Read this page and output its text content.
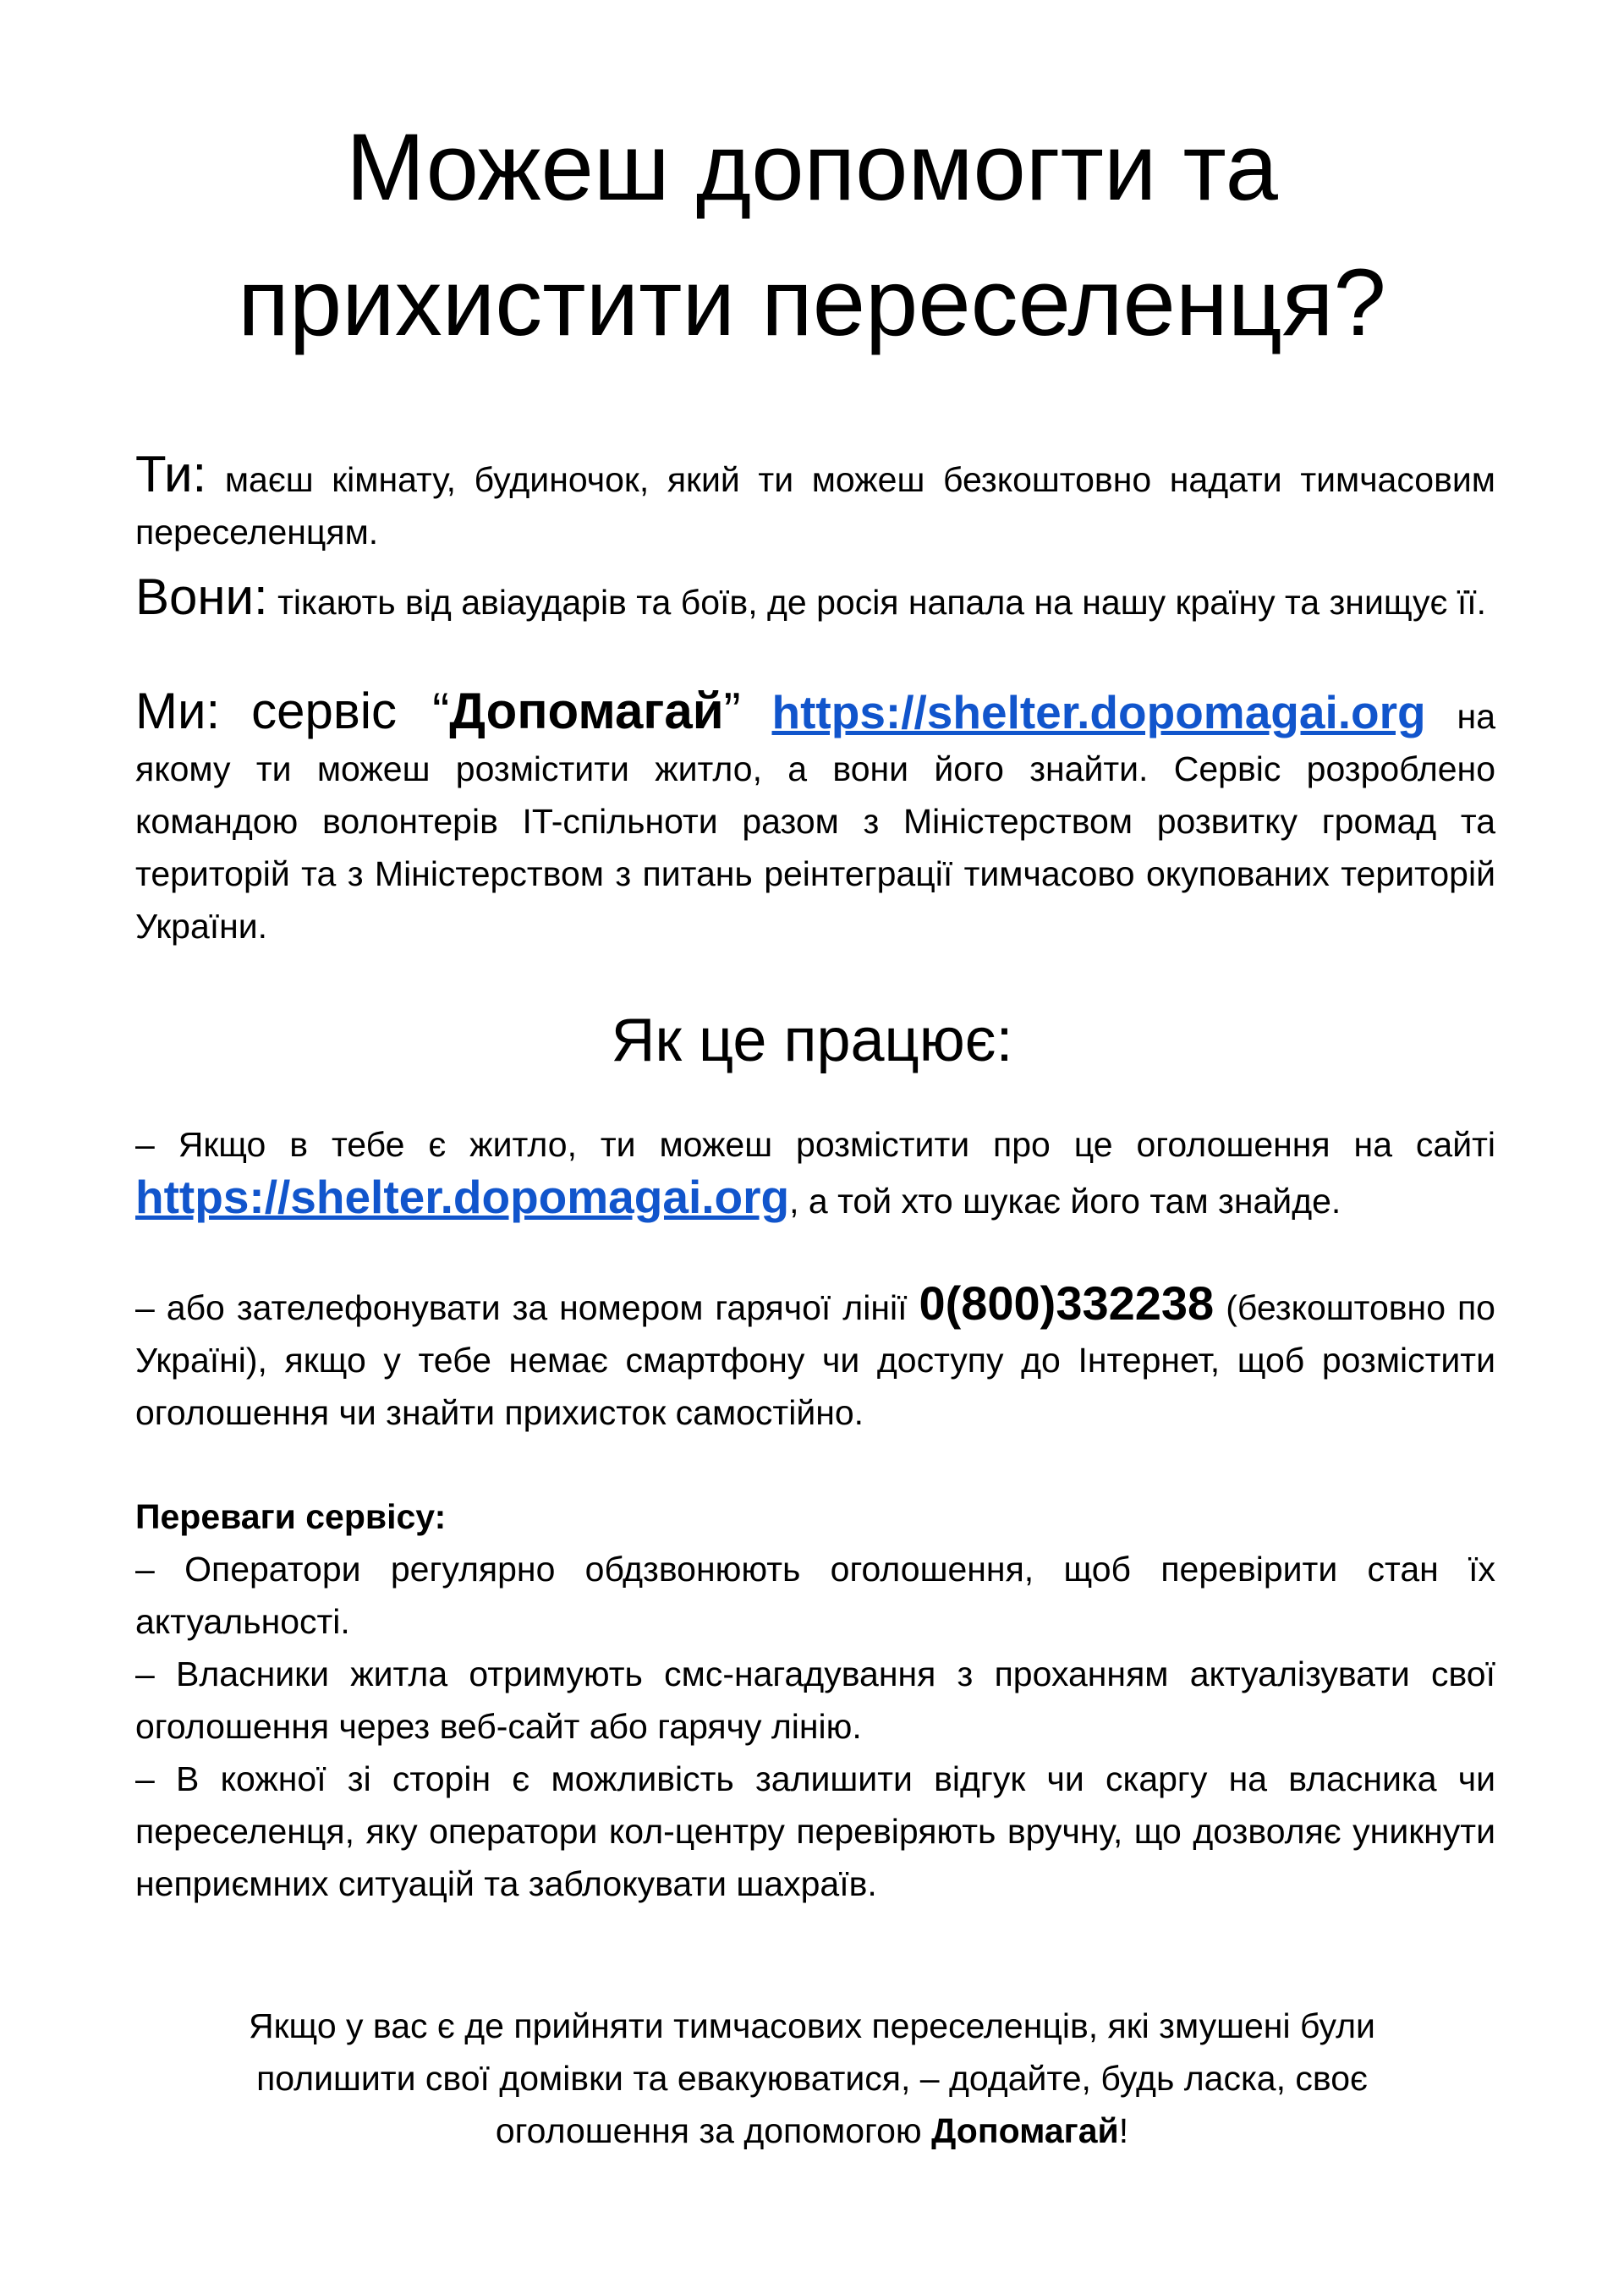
Можеш допомогти та
прихистити переселенця?

Ти: маєш кімнату, будиночок, який ти можеш безкоштовно надати тимчасовим переселенцям.

Вони: тікають від авіаударів та боїв, де росія напала на нашу країну та знищує її.

Ми: сервіс “Допомагай” https://shelter.dopomagai.org на якому ти можеш розмістити житло, а вони його знайти. Сервіс розроблено командою волонтерів IT-спільноти разом з Міністерством розвитку громад та територій та з Міністерством з питань реінтеграції тимчасово окупованих територій України.

Як це працює:

– Якщо в тебе є житло, ти можеш розмістити про це оголошення на сайті https://shelter.dopomagai.org, а той хто шукає його там знайде.

– або зателефонувати за номером гарячої лінії 0(800)332238 (безкоштовно по Україні), якщо у тебе немає смартфону чи доступу до Інтернет, щоб розмістити оголошення чи знайти прихисток самостійно.

Переваги сервісу:
– Оператори регулярно обдзвонюють оголошення, щоб перевірити стан їх актуальності.
– Власники житла отримують смс-нагадування з проханням актуалізувати свої оголошення через веб-сайт або гарячу лінію.
– В кожної зі сторін є можливість залишити відгук чи скаргу на власника чи переселенця, яку оператори кол-центру перевіряють вручну, що дозволяє уникнути неприємних ситуацій та заблокувати шахраїв.

Якщо у вас є де прийняти тимчасових переселенців, які змушені були
полишити свої домівки та евакуюватися, – додайте, будь ласка, своє
оголошення за допомогою Допомагай!
